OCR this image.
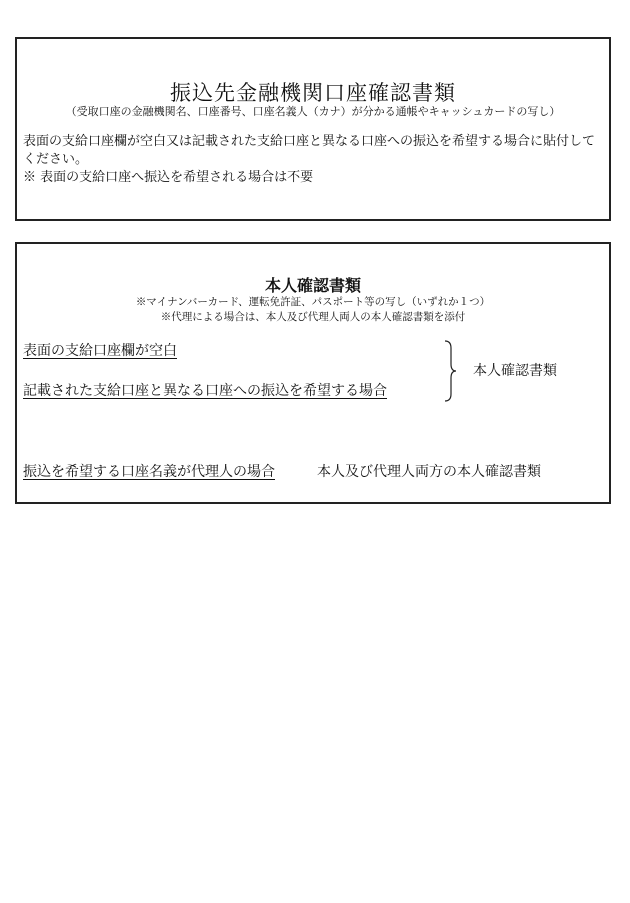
振込先金融機関口座確認書類
（受取口座の金融機関名、口座番号、口座名義人（カナ）が分かる通帳やキャッシュカードの写し）
表面の支給口座欄が空白又は記載された支給口座と異なる口座への振込を希望する場合に貼付してください。
※ 表面の支給口座へ振込を希望される場合は不要
本人確認書類
※マイナンバーカード、運転免許証、パスポート等の写し（いずれか１つ）
※代理による場合は、本人及び代理人両人の本人確認書類を添付
表面の支給口座欄が空白
記載された支給口座と異なる口座への振込を希望する場合
本人確認書類
振込を希望する口座名義が代理人の場合	本人及び代理人両方の本人確認書類
